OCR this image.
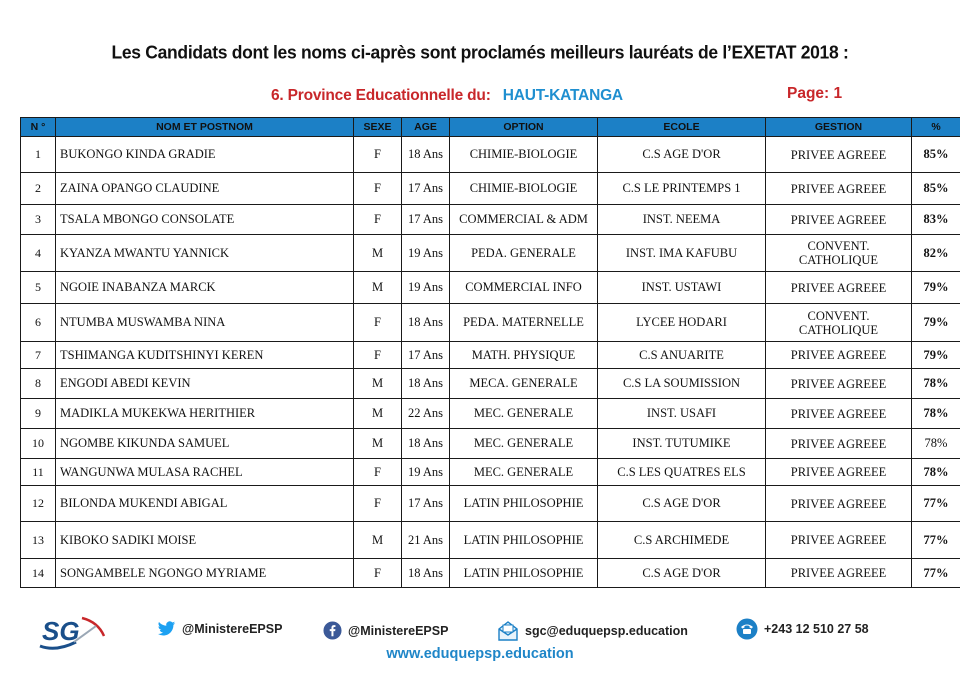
Les Candidats dont les noms ci-après sont proclamés meilleurs lauréats de l’EXETAT 2018 :
6. Province Educationnelle du: HAUT-KATANGA	Page: 1
N °	NOM ET POSTNOM	SEXE	AGE	OPTION	ECOLE	GESTION	%
1	BUKONGO KINDA GRADIE	F	18 Ans	CHIMIE-BIOLOGIE	C.S AGE D'OR	PRIVEE AGREEE	85%
2	ZAINA OPANGO CLAUDINE	F	17 Ans	CHIMIE-BIOLOGIE	C.S LE PRINTEMPS 1	PRIVEE AGREEE	85%
3	TSALA MBONGO CONSOLATE	F	17 Ans	COMMERCIAL & ADM	INST. NEEMA	PRIVEE AGREEE	83%
4	KYANZA MWANTU YANNICK	M	19 Ans	PEDA. GENERALE	INST. IMA KAFUBU	CONVENT. CATHOLIQUE	82%
5	NGOIE INABANZA MARCK	M	19 Ans	COMMERCIAL INFO	INST. USTAWI	PRIVEE AGREEE	79%
6	NTUMBA MUSWAMBA NINA	F	18 Ans	PEDA. MATERNELLE	LYCEE HODARI	CONVENT. CATHOLIQUE	79%
7	TSHIMANGA KUDITSHINYI KEREN	F	17 Ans	MATH. PHYSIQUE	C.S ANUARITE	PRIVEE AGREEE	79%
8	ENGODI ABEDI KEVIN	M	18 Ans	MECA. GENERALE	C.S LA SOUMISSION	PRIVEE AGREEE	78%
9	MADIKLA MUKEKWA HERITHIER	M	22 Ans	MEC. GENERALE	INST. USAFI	PRIVEE AGREEE	78%
10	NGOMBE KIKUNDA SAMUEL	M	18 Ans	MEC. GENERALE	INST. TUTUMIKE	PRIVEE AGREEE	78%
11	WANGUNWA MULASA RACHEL	F	19 Ans	MEC. GENERALE	C.S LES QUATRES ELS	PRIVEE AGREEE	78%
12	BILONDA MUKENDI ABIGAL	F	17 Ans	LATIN PHILOSOPHIE	C.S AGE D'OR	PRIVEE AGREEE	77%
13	KIBOKO SADIKI MOISE	M	21 Ans	LATIN PHILOSOPHIE	C.S ARCHIMEDE	PRIVEE AGREEE	77%
14	SONGAMBELE NGONGO MYRIAME	F	18 Ans	LATIN PHILOSOPHIE	C.S AGE D'OR	PRIVEE AGREEE	77%
SG	@MinistereEPSP	@MinistereEPSP	sgc@eduquepsp.education	+243 12 510 27 58
www.eduquepsp.education
